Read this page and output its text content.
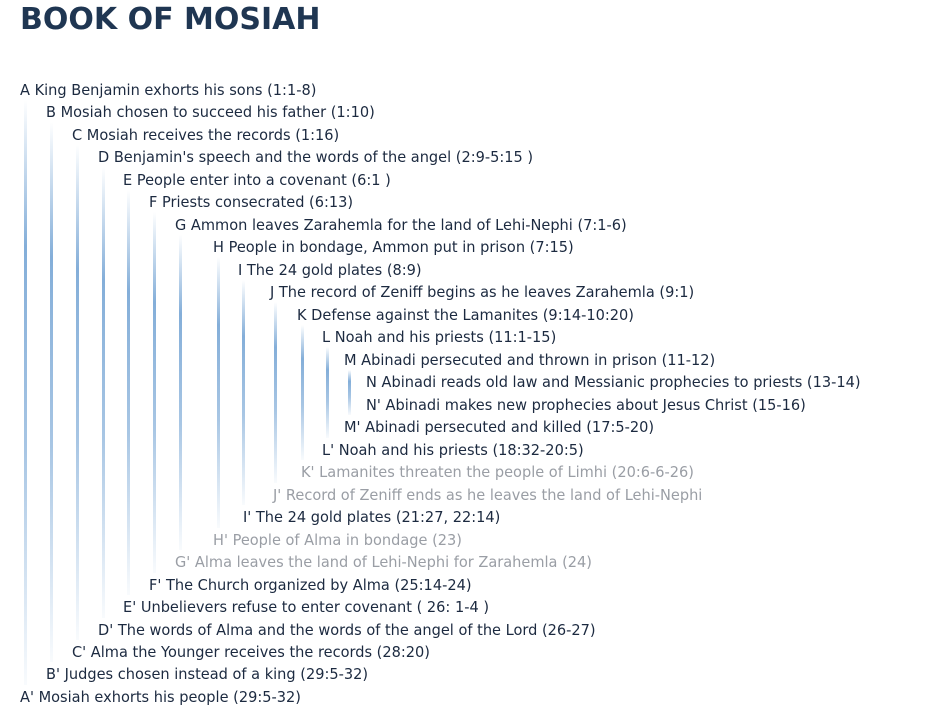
BOOK OF MOSIAH
A King Benjamin exhorts his sons (1:1-8)
B Mosiah chosen to succeed his father (1:10)
C Mosiah receives the records (1:16)
D Benjamin's speech and the words of the angel (2:9-5:15 )
E People enter into a covenant (6:1 )
F Priests consecrated (6:13)
G Ammon leaves Zarahemla for the land of Lehi-Nephi (7:1-6)
H People in bondage, Ammon put in prison (7:15)
I The 24 gold plates (8:9)
J The record of Zeniff begins as he leaves Zarahemla (9:1)
K Defense against the Lamanites (9:14-10:20)
L Noah and his priests (11:1-15)
M Abinadi persecuted and thrown in prison (11-12)
N Abinadi reads old law and Messianic prophecies to priests (13-14)
N' Abinadi makes new prophecies about Jesus Christ (15-16)
M' Abinadi persecuted and killed (17:5-20)
L' Noah and his priests (18:32-20:5)
K' Lamanites threaten the people of Limhi (20:6-6-26)
J' Record of Zeniff ends as he leaves the land of Lehi-Nephi
I' The 24 gold plates (21:27, 22:14)
H' People of Alma in bondage (23)
G' Alma leaves the land of Lehi-Nephi for Zarahemla (24)
F' The Church organized by Alma (25:14-24)
E' Unbelievers refuse to enter covenant ( 26: 1-4 )
D' The words of Alma and the words of the angel of the Lord (26-27)
C' Alma the Younger receives the records (28:20)
B' Judges chosen instead of a king (29:5-32)
A' Mosiah exhorts his people (29:5-32)
